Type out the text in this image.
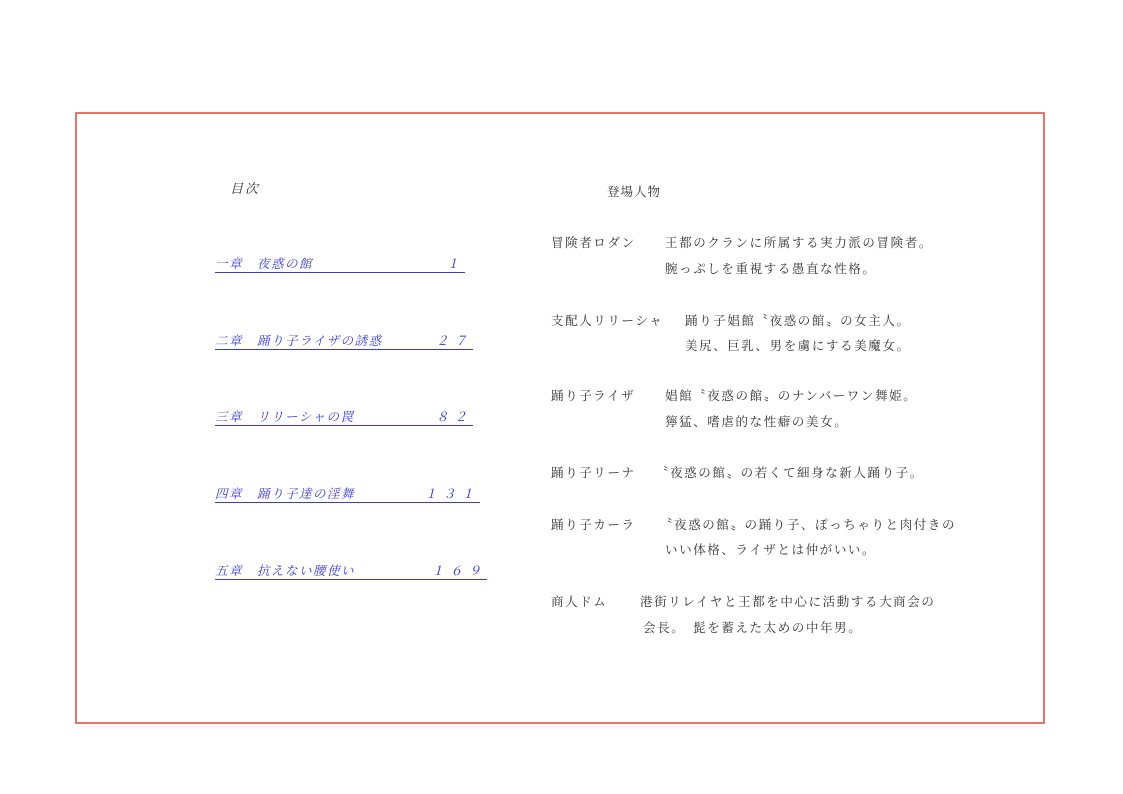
目次
一章　夜惑の館	１
二章　踊り子ライザの誘惑	２７
三章　リリーシャの罠	８２
四章　踊り子達の淫舞	１３１
五章　抗えない腰使い	１６９
登場人物
冒険者ロダン 王都のクランに所属する実力派の冒険者。
腕っぷしを重視する愚直な性格。
支配人リリーシャ 踊り子娼館〝夜惑の館〟の女主人。
美尻、巨乳、男を虜にする美魔女。
踊り子ライザ 娼館〝夜惑の館〟のナンバーワン舞姫。
獰猛、嗜虐的な性癖の美女。
踊り子リーナ 〝夜惑の館〟の若くて細身な新人踊り子。
踊り子カーラ 〝夜惑の館〟の踊り子、ぽっちゃりと肉付きの
いい体格、ライザとは仲がいい。
商人ドム	港街リレイヤと王都を中心に活動する大商会の
会長。　髭を蓄えた太めの中年男。
